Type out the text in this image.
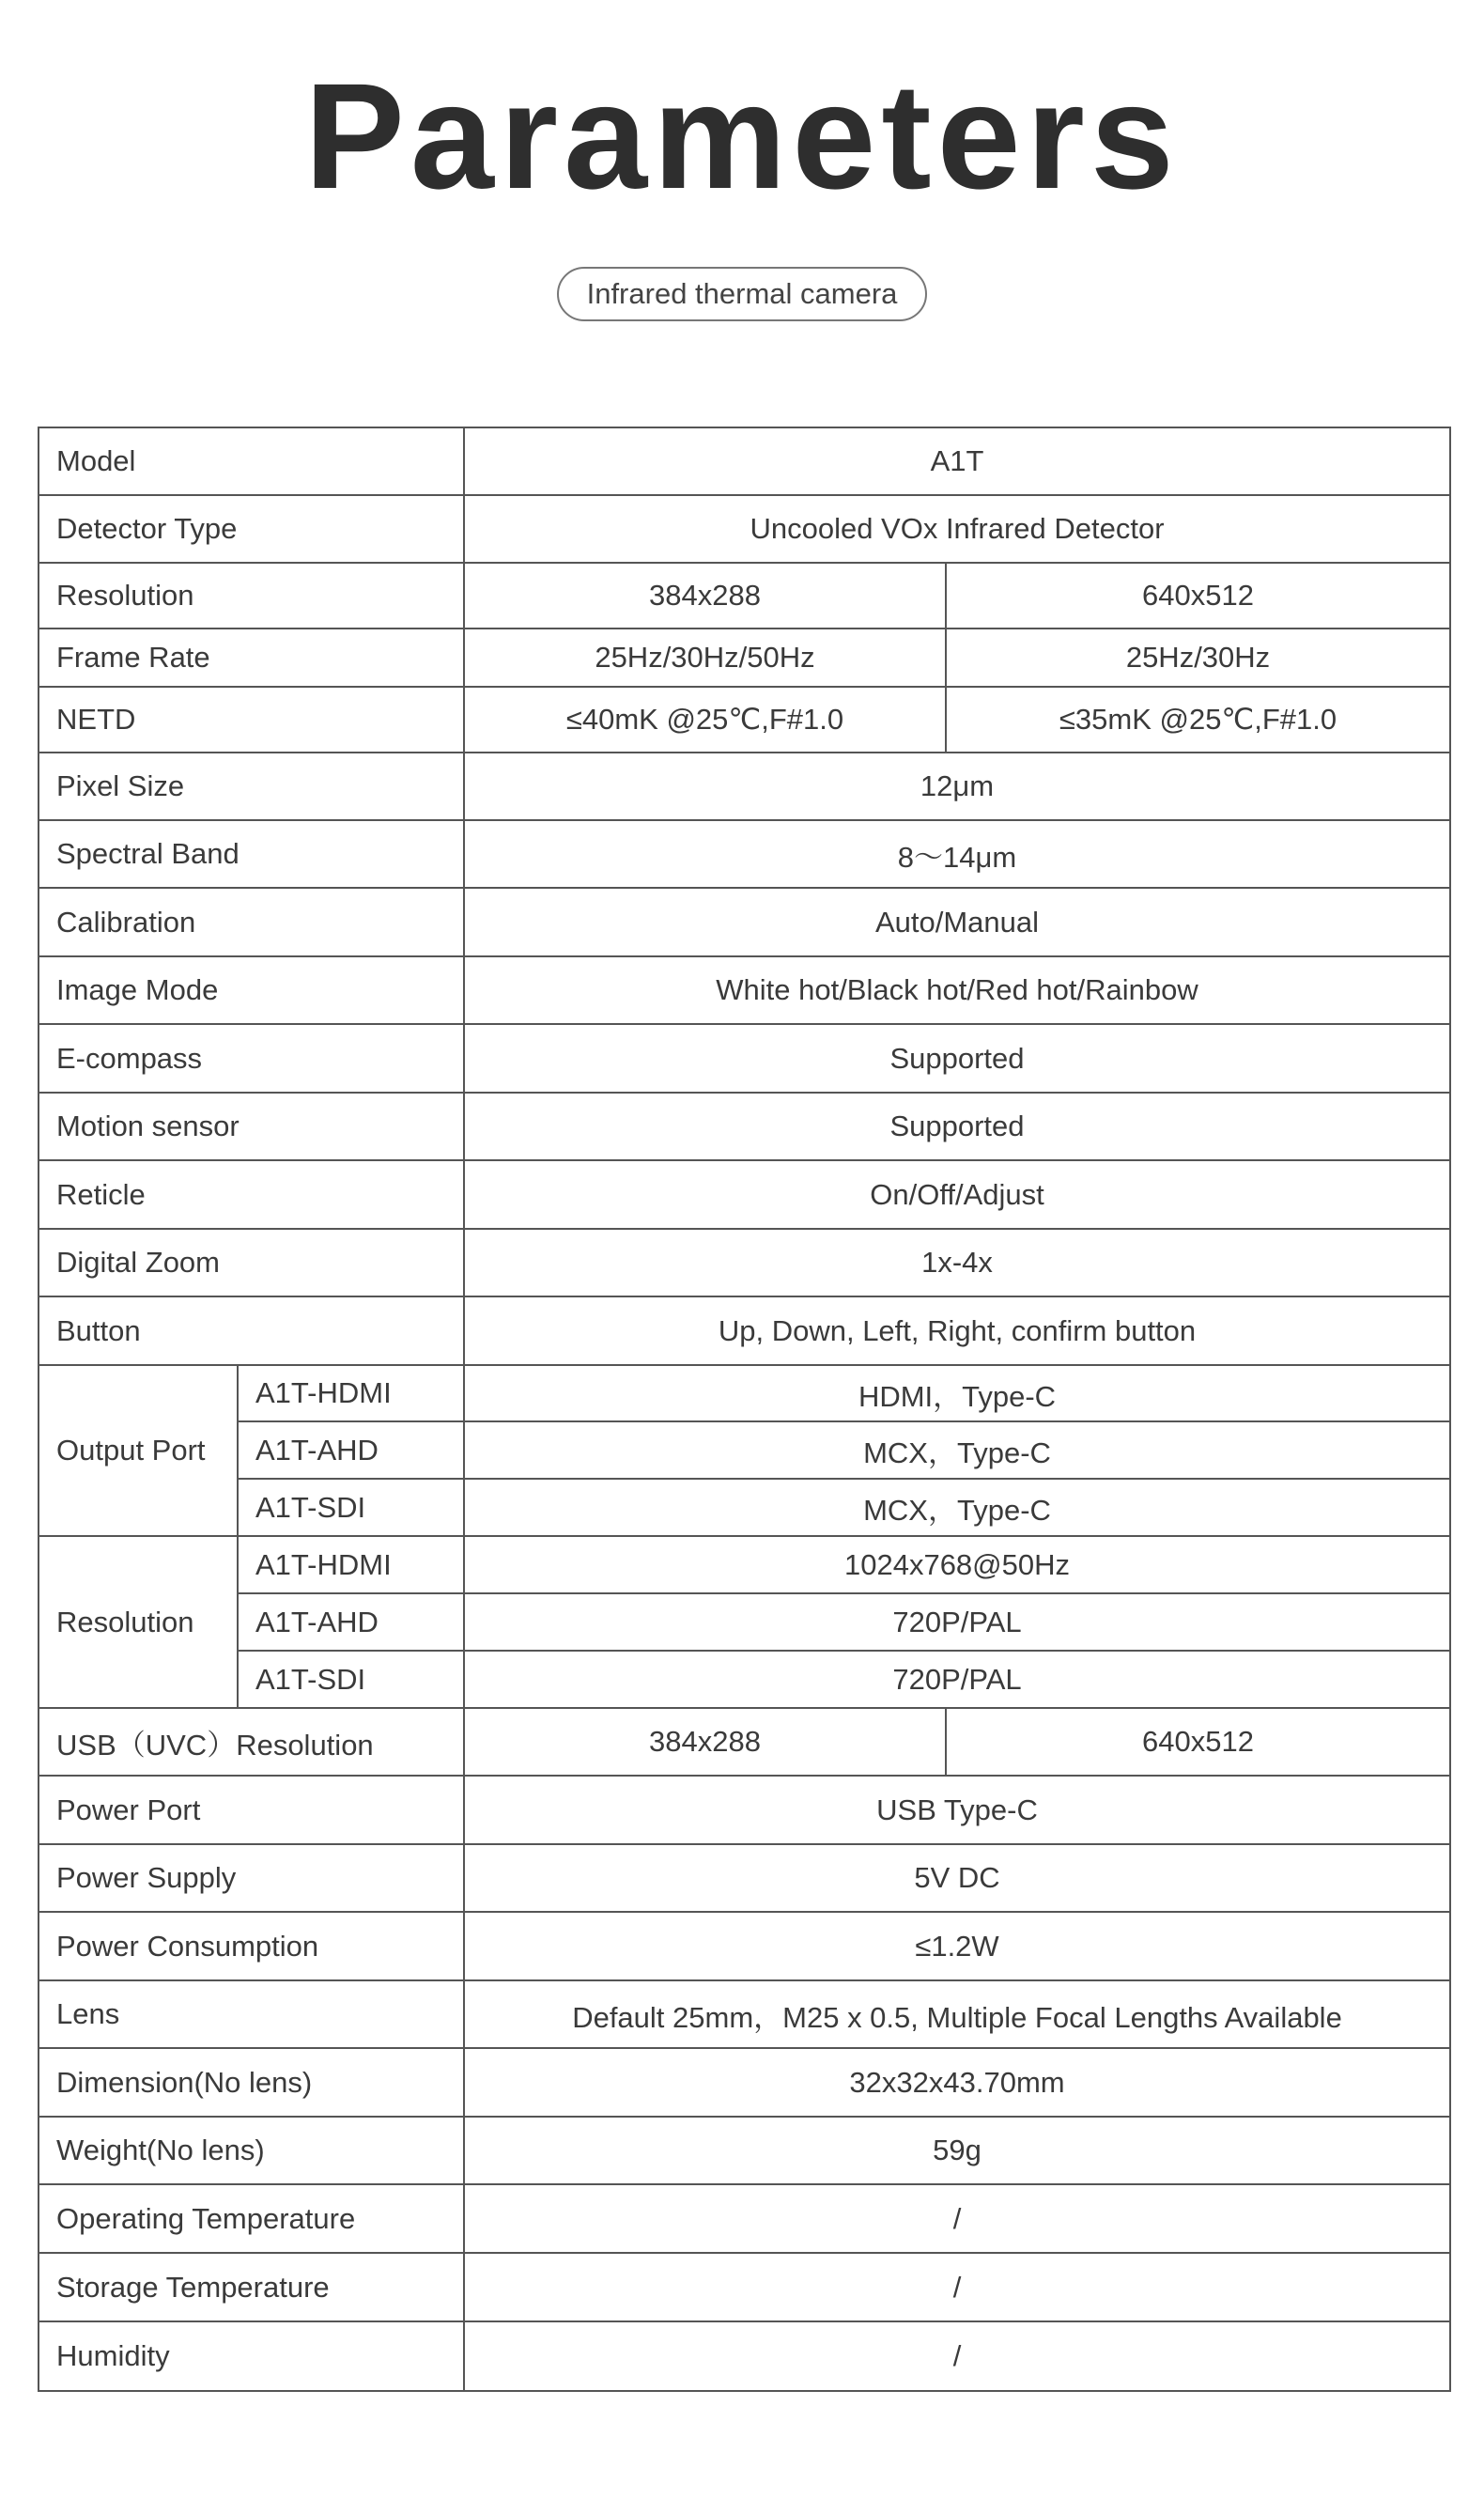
Parameters
Infrared thermal camera
Model		A1T	
Detector Type		Uncooled VOx Infrared Detector	
Resolution		384x288	640x512
Frame Rate		25Hz/30Hz/50Hz	25Hz/30Hz
NETD		≤40mK @25℃,F#1.0	≤35mK @25℃,F#1.0
Pixel Size		12μm	
Spectral Band		8～14μm	
Calibration		Auto/Manual	
Image Mode		White hot/Black hot/Red hot/Rainbow	
E-compass		Supported	
Motion sensor		Supported	
Reticle		On/Off/Adjust	
Digital Zoom		1x-4x	
Button		Up, Down, Left, Right, confirm button	
Output Port	A1T-HDMI	HDMI，Type-C	
	A1T-AHD	MCX，Type-C	
	A1T-SDI	MCX，Type-C	
Resolution	A1T-HDMI	1024x768@50Hz	
	A1T-AHD	720P/PAL	
	A1T-SDI	720P/PAL	
USB（UVC）Resolution		384x288	640x512
Power Port		USB Type-C	
Power Supply		5V DC	
Power Consumption		≤1.2W	
Lens		Default 25mm，M25 x 0.5, Multiple Focal Lengths Available	
Dimension(No lens)		32x32x43.70mm	
Weight(No lens)		59g	
Operating Temperature		/	
Storage Temperature		/	
Humidity		/	
